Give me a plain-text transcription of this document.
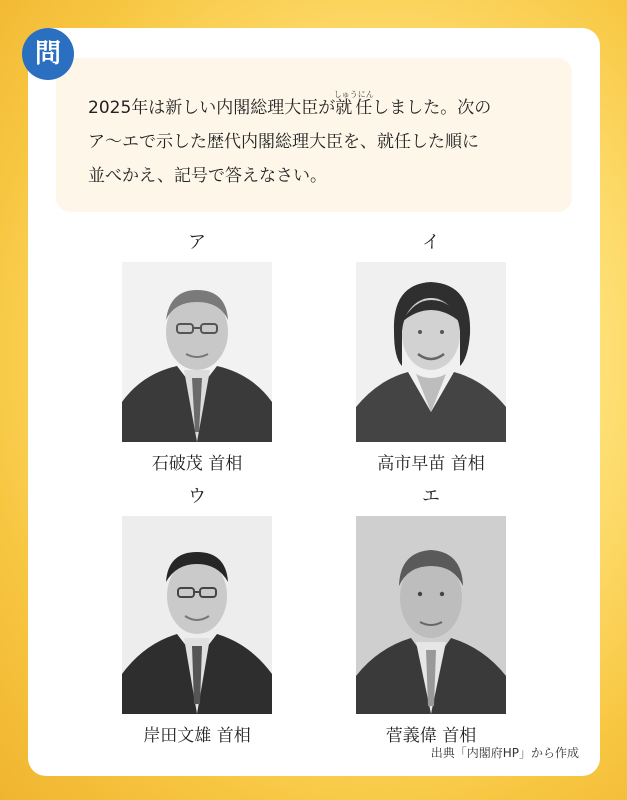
問
2025年は新しい内閣総理大臣が就任しゅうにんしました。次の
ア〜エで示した歴代内閣総理大臣を、就任した順に
並べかえ、記号で答えなさい。
ア
石破茂 首相
イ
高市早苗 首相
ウ
岸田文雄 首相
エ
菅義偉 首相
出典「内閣府HP」から作成
